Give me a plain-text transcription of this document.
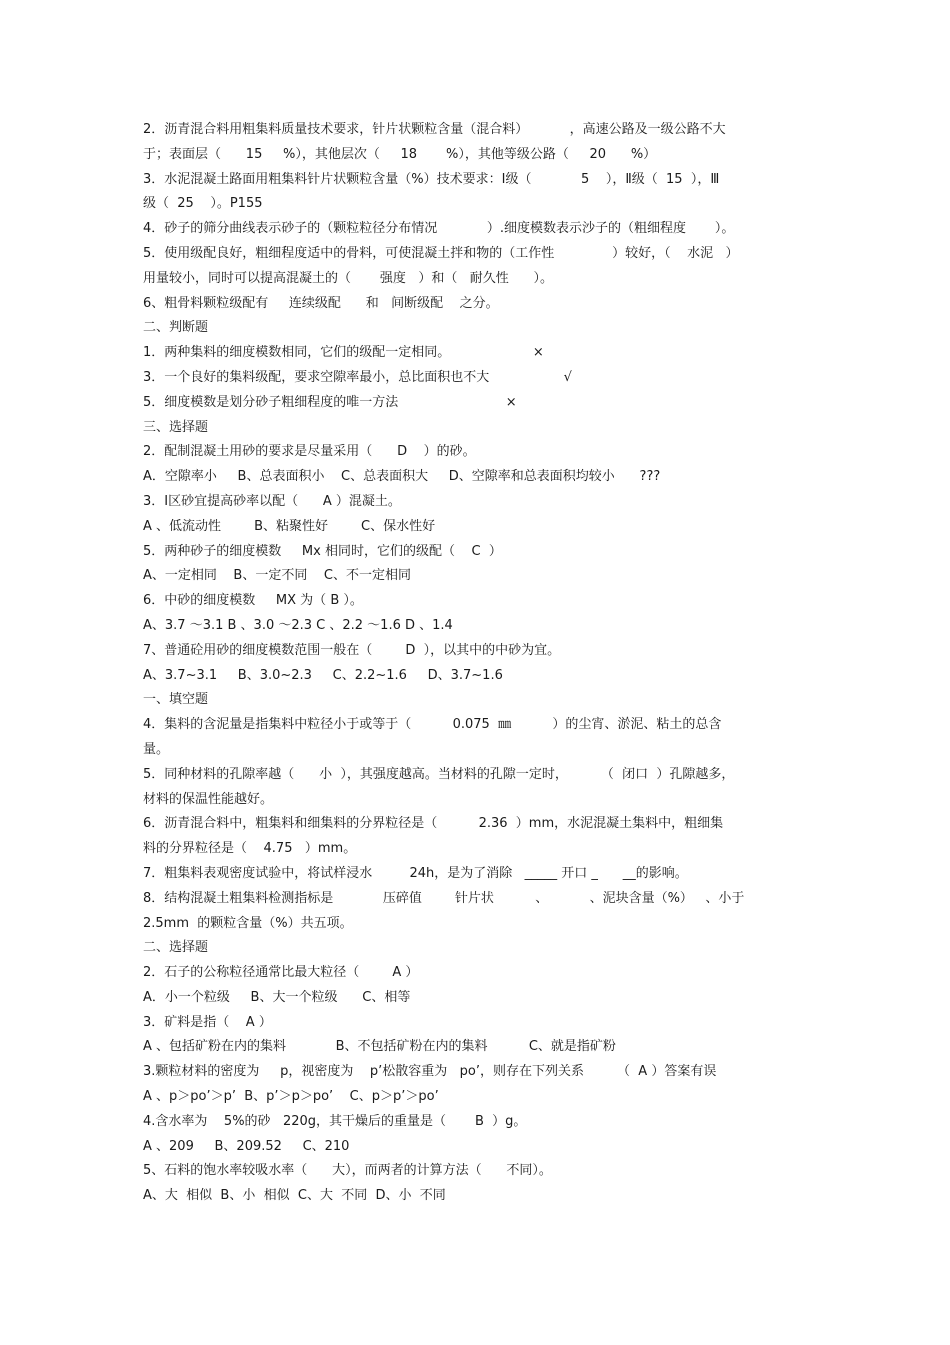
2．沥青混合料用粗集料质量技术要求，针片状颗粒含量（混合料）          ，高速公路及一级公路不大
于；表面层（      15     %），其他层次（     18       %），其他等级公路（     20      %）
3．水泥混凝土路面用粗集料针片状颗粒含量（%）技术要求：Ⅰ级（            5    ），Ⅱ级（  15  ），Ⅲ
级（  25    ）。P155
4．砂子的筛分曲线表示砂子的（颗粒粒径分布情况            ）.细度模数表示沙子的（粗细程度       ）。
5．使用级配良好，粗细程度适中的骨料，可使混凝土拌和物的（工作性              ）较好，（    水泥   ）
用量较小，同时可以提高混凝土的（       强度   ）和（   耐久性      ）。
6、粗骨料颗粒级配有     连续级配      和   间断级配    之分。
二、判断题
1．两种集料的细度模数相同，它们的级配一定相同。                    ×
3．一个良好的集料级配，要求空隙率最小，总比面积也不大                  √
5．细度模数是划分砂子粗细程度的唯一方法                          ×
三、选择题
2．配制混凝土用砂的要求是尽量采用（      D    ）的砂。
A．空隙率小     B、总表面积小    C、总表面积大     D、空隙率和总表面积均较小      ???
3．Ⅰ区砂宜提高砂率以配（      A ）混凝土。
A 、低流动性        B、粘聚性好        C、保水性好
5．两种砂子的细度模数     Mx 相同时，它们的级配（    C  ）
A、一定相同    B、一定不同    C、不一定相同
6．中砂的细度模数     MX 为（ B ）。
A、3.7 ～3.1 B 、3.0 ～2.3 C 、2.2 ～1.6 D 、1.4
7、普通砼用砂的细度模数范围一般在（        D  ），以其中的中砂为宜。
A、3.7~3.1     B、3.0~2.3     C、2.2~1.6     D、3.7~1.6
一、填空题
4．集料的含泥量是指集料中粒径小于或等于（          0.075  ㎜          ）的尘宵、淤泥、粘土的总含
量。
5．同种材料的孔隙率越（      小  ），其强度越高。当材料的孔隙一定时，        （  闭口  ）孔隙越多，
材料的保温性能越好。
6．沥青混合料中，粗集料和细集料的分界粒径是（          2.36  ）mm，水泥混凝土集料中，粗细集
料的分界粒径是（    4.75   ）mm。
7．粗集料表观密度试验中，将试样浸水         24h，是为了消除   _____ 开口 _      __的影响。
8．结构混凝土粗集料检测指标是            压碎值        针片状          、          、泥块含量（%）   、小于
2.5mm  的颗粒含量（%）共五项。
二、选择题
2．石子的公称粒径通常比最大粒径（        A ）
A．小一个粒级     B、大一个粒级      C、相等
3．矿料是指（    A ）
A 、包括矿粉在内的集料            B、不包括矿粉在内的集料          C、就是指矿粉
3.颗粒材料的密度为     p，视密度为    p’松散容重为   po’，则存在下列关系        （  A ）答案有误
A 、p＞po’＞p’  B、p’＞p＞po’    C、p＞p’＞po’
4.含水率为    5%的砂   220g，其干燥后的重量是（       B  ）g。
A 、209     B、209.52     C、210
5、石料的饱水率较吸水率（      大），而两者的计算方法（      不同）。
A、大  相似  B、小  相似  C、大  不同  D、小  不同
